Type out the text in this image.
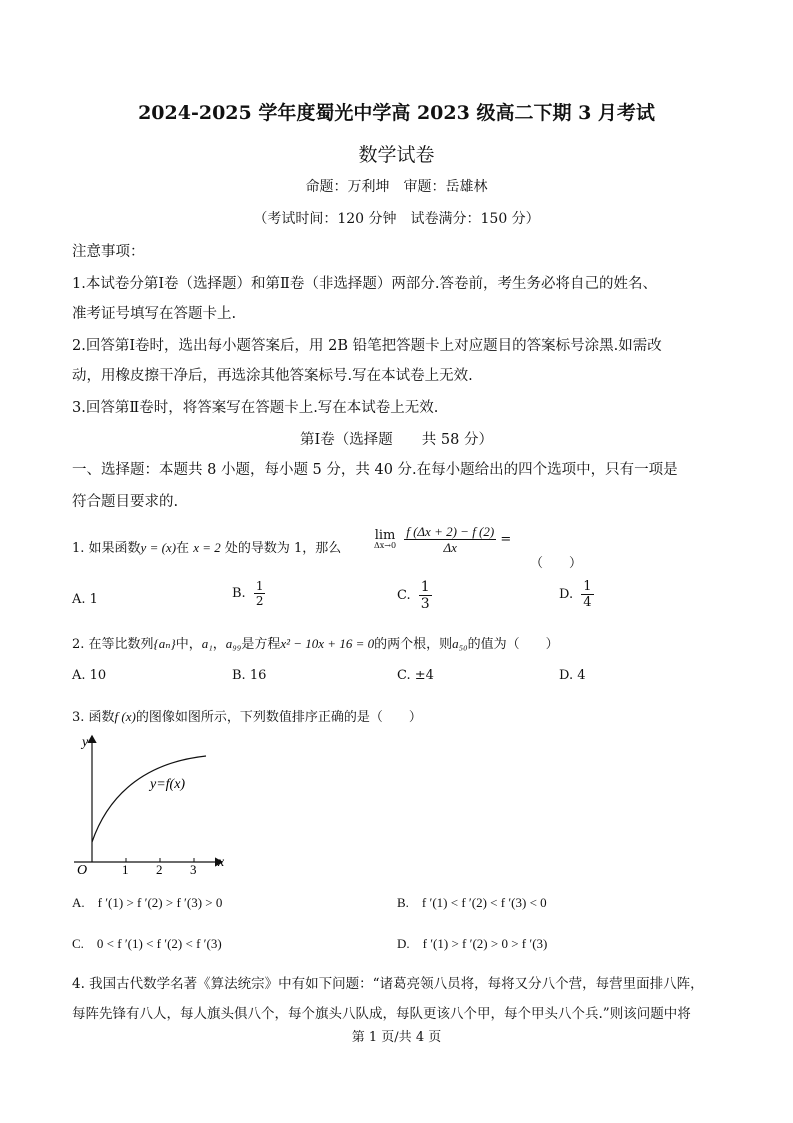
2024-2025 学年度蜀光中学高 2023 级高二下期 3 月考试
数学试卷
命题：万利坤　审题：岳雄林
（考试时间：120 分钟　试卷满分：150 分）
注意事项：
1.本试卷分第Ⅰ卷（选择题）和第Ⅱ卷（非选择题）两部分.答卷前，考生务必将自己的姓名、
准考证号填写在答题卡上.
2.回答第Ⅰ卷时，选出每小题答案后，用 2B 铅笔把答题卡上对应题目的答案标号涂黑.如需改
动，用橡皮擦干净后，再选涂其他答案标号.写在本试卷上无效.
3.回答第Ⅱ卷时，将答案写在答题卡上.写在本试卷上无效.
第Ⅰ卷（选择题　　共 58 分）
一、选择题：本题共 8 小题，每小题 5 分，共 40 分.在每小题给出的四个选项中，只有一项是
符合题目要求的.
1. 如果函数y = (x)在 x = 2 处的导数为 1，那么
lim
Δx→0
$\frac{f (\Delta x + 2) - f (2)}{\Delta x}$ =
（　　）
A. 1	B. $\frac{1}{2}$	C. $\frac{1}{3}$	D. $\frac{1}{4}$
2. 在等比数列{aₙ}中，a₁，a₉₉是方程x² − 10x + 16 = 0的两个根，则a₅₀的值为（　　）
A. 10	B. 16	C. ±4	D. 4
3. 函数f (x)的图像如图所示，下列数值排序正确的是（　　）
y
x
O	1 2 3
y=f(x)
A.　f ′(1) > f ′(2) > f ′(3) > 0	B.　f ′(1) < f ′(2) < f ′(3) < 0
C.　0 < f ′(1) < f ′(2) < f ′(3)	D.　f ′(1) > f ′(2) > 0 > f ′(3)
4. 我国古代数学名著《算法统宗》中有如下问题：“诸葛亮领八员将，每将又分八个营，每营里面排八阵，
每阵先锋有八人，每人旗头俱八个，每个旗头八队成，每队更该八个甲，每个甲头八个兵.”则该问题中将
第 1 页/共 4 页
